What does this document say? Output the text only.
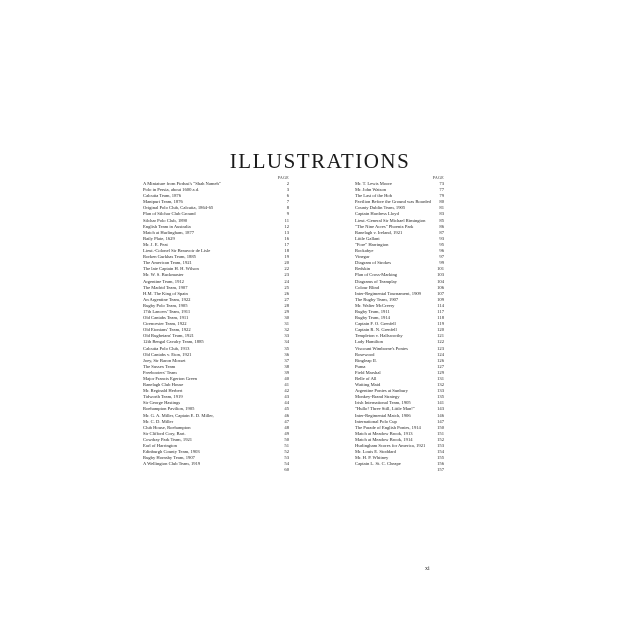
ILLUSTRATIONS
PAGE
A Miniature from Firdusi's "Shah Nameh"	2
Polo in Persia, about 1600 a.d.	3
Calcutta Team, 1876	6
Manipuri Team, 1876	7
Original Polo Club, Calcutta, 1864-65	8
Plan of Silchar Club Ground	9
Silchar Polo Club, 1890	11
English Team in Australia	12
Match at Hurlingham, 1877	13
Baily Plate, 1629	16
Mr. J. E. Peat	17
Lieut.-Colonel Sir Beauvoir de Lisle	18
Rorken Gurkhas Team, 1885	19
The American Team, 1921	20
The late Captain H. H. Wilson	22
Mr. W. S. Buckmaster	23
Argentine Team, 1912	24
The Madrid Team, 1907	25
H.M. The King of Spain	26
An Argentine Team, 1922	27
Rugby Polo Team, 1905	28
17th Lancers' Team, 1911	29
Old Cantabs Team, 1911	30
Cirencester Team, 1922	31
Old Etonians' Team, 1922	32
Old Rugbeians' Team, 1921	33
12th Bengal Cavalry Team, 1885	34
Calcutta Polo Club, 1913	35
Old Cantabs v. Eton, 1921	36
Joey, Sir Baron Mosset	37
The Sussex Team	38
Freebooters' Team	39
Major Francis Egerton Green	40
Ranelagh Club House	41
Mr. Reginald Herbert	42
Tidworth Team, 1919	43
Sir George Hastings	44
Roehampton Pavilion, 1905	45
Mr. G. A. Miller, Captain E. D. Miller,	46
Mr. C. D. Miller	47
Club House, Roehampton	48
Sir Clifford Cory, Bart.	49
Cowdray Park Team, 1921	50
Earl of Harrington	51
Edinburgh County Team, 1903	52
Rugby Hornsby Team, 1907	53
A Wellington Club Team, 1919	54
60
PAGE
Mr. T. Lewis Moore	73
Mr. John Watson	77
The Last of the Hob	79
Pavilion Before the Ground was Boarded	80
County Dublin Team, 1905	81
Captain Hardress Lloyd	83
Lieut.-General Sir Michael Rimington	85
"The Nine Acres" Phoenix Park	86
Ranelagh v. Ireland, 1921	87
Little Gallant	93
"Fore" Harrington	95
Rockabye	96
Vinegar	97
Diagram of Strokes	99
Redskin	101
Plan of Cross-Marking	103
Diagrams of Teamplay	104
Colour Blind	106
Inter-Regimental Tournament, 1909	107
The Rugby Team, 1907	109
Mr. Walter McCreery	114
Rugby Team, 1911	117
Rugby Team, 1914	118
Captain F. O. Grenfell	119
Captain R. N. Grenfell	120
Templeton v. Hallsworthy	121
Lady Hamilton	122
Viscount Wimborne's Ponies	123
Rosewood	124
Ringleap II.	126
Puma	127
Field Marshal	129
Belle of All	131
Waiting Maid	132
Argentine Ponies at Sunbury	133
Monkey-Brand Strategy	135
Irish International Team, 1905	141
"Hullo! Three Still, Little Man!"	143
Inter-Regimental Match, 1906	146
International Polo Cup	147
The Parade of English Ponies, 1914	150
Match at Meadow Brook, 1913	151
Match at Meadow Brook, 1914	152
Hurlingham Scores for America, 1921	153
Mr. Louis E. Stoddard	154
Mr. H. P. Whitney	155
Captain L. St. C. Cheape	156
157
xi
